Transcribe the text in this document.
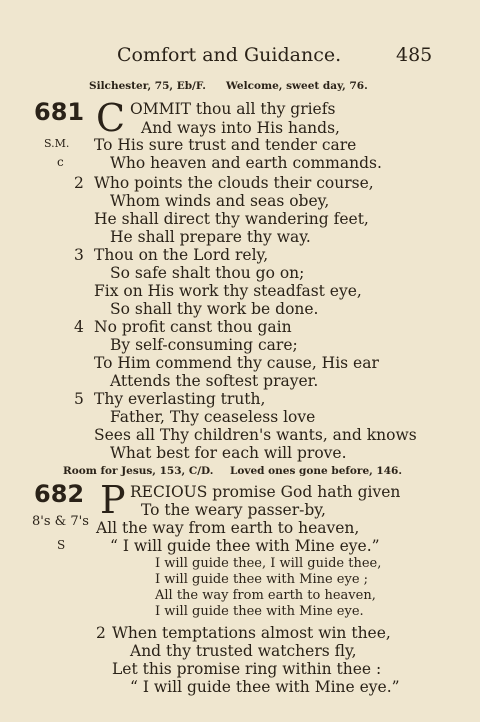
Comfort and Guidance.	485
Silchester, 75, Eb/F. Welcome, sweet day, 76.
681 C OMMIT thou all thy griefs
And ways into His hands,
S.M. To His sure trust and tender care
c	Who heaven and earth commands.
2 Who points the clouds their course,
Whom winds and seas obey,
He shall direct thy wandering feet,
He shall prepare thy way.
3 Thou on the Lord rely,
So safe shalt thou go on;
Fix on His work thy steadfast eye,
So shall thy work be done.
4 No profit canst thou gain
By self-consuming care;
To Him commend thy cause, His ear
Attends the softest prayer.
5 Thy everlasting truth,
Father, Thy ceaseless love
Sees all Thy children's wants, and knows
What best for each will prove.
Room for Jesus, 153, C/D. Loved ones gone before, 146.
682 P RECIOUS promise God hath given
To the weary passer-by,
8's & 7's All the way from earth to heaven,
S	“ I will guide thee with Mine eye.”
I will guide thee, I will guide thee,
I will guide thee with Mine eye ;
All the way from earth to heaven,
I will guide thee with Mine eye.
2 When temptations almost win thee,
And thy trusted watchers fly,
Let this promise ring within thee :
“ I will guide thee with Mine eye.”
